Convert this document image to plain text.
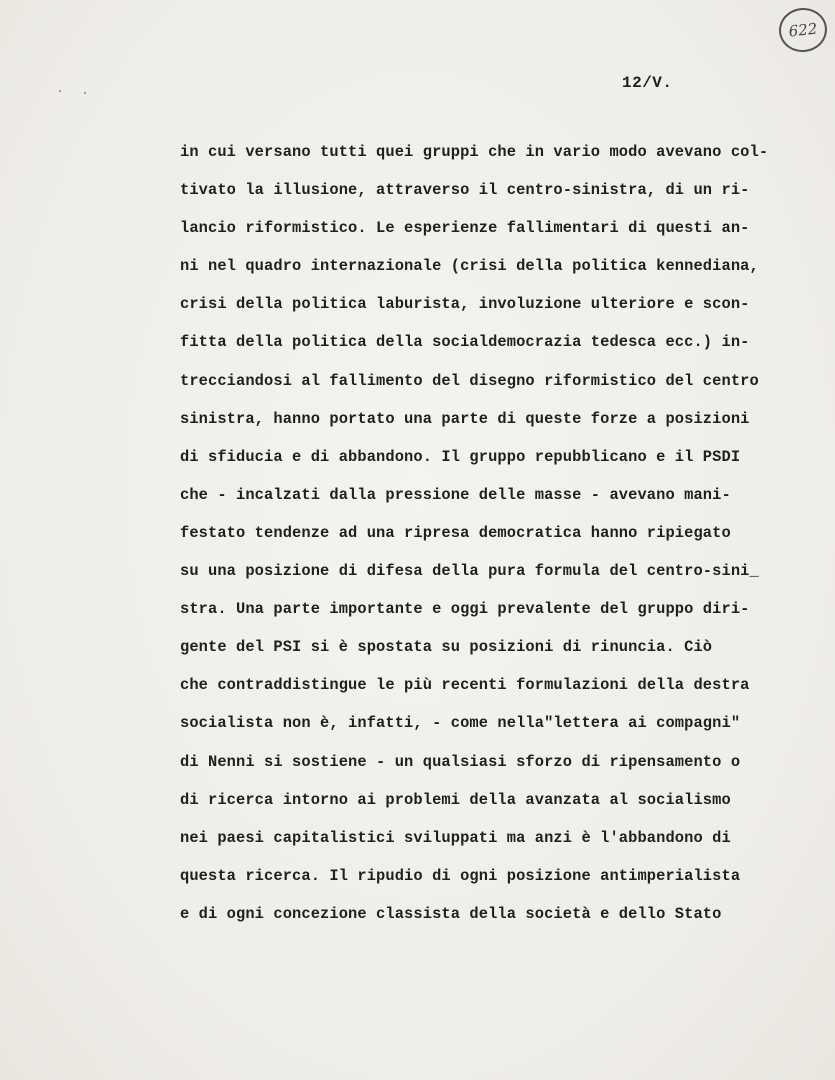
622
12/V.
in cui versano tutti quei gruppi che in vario modo avevano col-
tivato la illusione, attraverso il centro-sinistra, di un ri-
lancio riformistico. Le esperienze fallimentari di questi an-
ni nel quadro internazionale (crisi della politica kennediana,
crisi della politica laburista, involuzione ulteriore e scon-
fitta della politica della socialdemocrazia tedesca ecc.) in-
trecciandosi al fallimento del disegno riformistico del centro
sinistra, hanno portato una parte di queste forze a posizioni
di sfiducia e di abbandono. Il gruppo repubblicano e il PSDI
che - incalzati dalla pressione delle masse - avevano mani-
festato tendenze ad una ripresa democratica hanno ripiegato
su una posizione di difesa della pura formula del centro-sini_
stra. Una parte importante e oggi prevalente del gruppo diri-
gente del PSI si è spostata su posizioni di rinuncia. Ciò
che contraddistingue le più recenti formulazioni della destra
socialista non è, infatti, - come nella"lettera ai compagni"
di Nenni si sostiene - un qualsiasi sforzo di ripensamento o
di ricerca intorno ai problemi della avanzata al socialismo
nei paesi capitalistici sviluppati ma anzi è l'abbandono di
questa ricerca. Il ripudio di ogni posizione antimperialista
e di ogni concezione classista della società e dello Stato
